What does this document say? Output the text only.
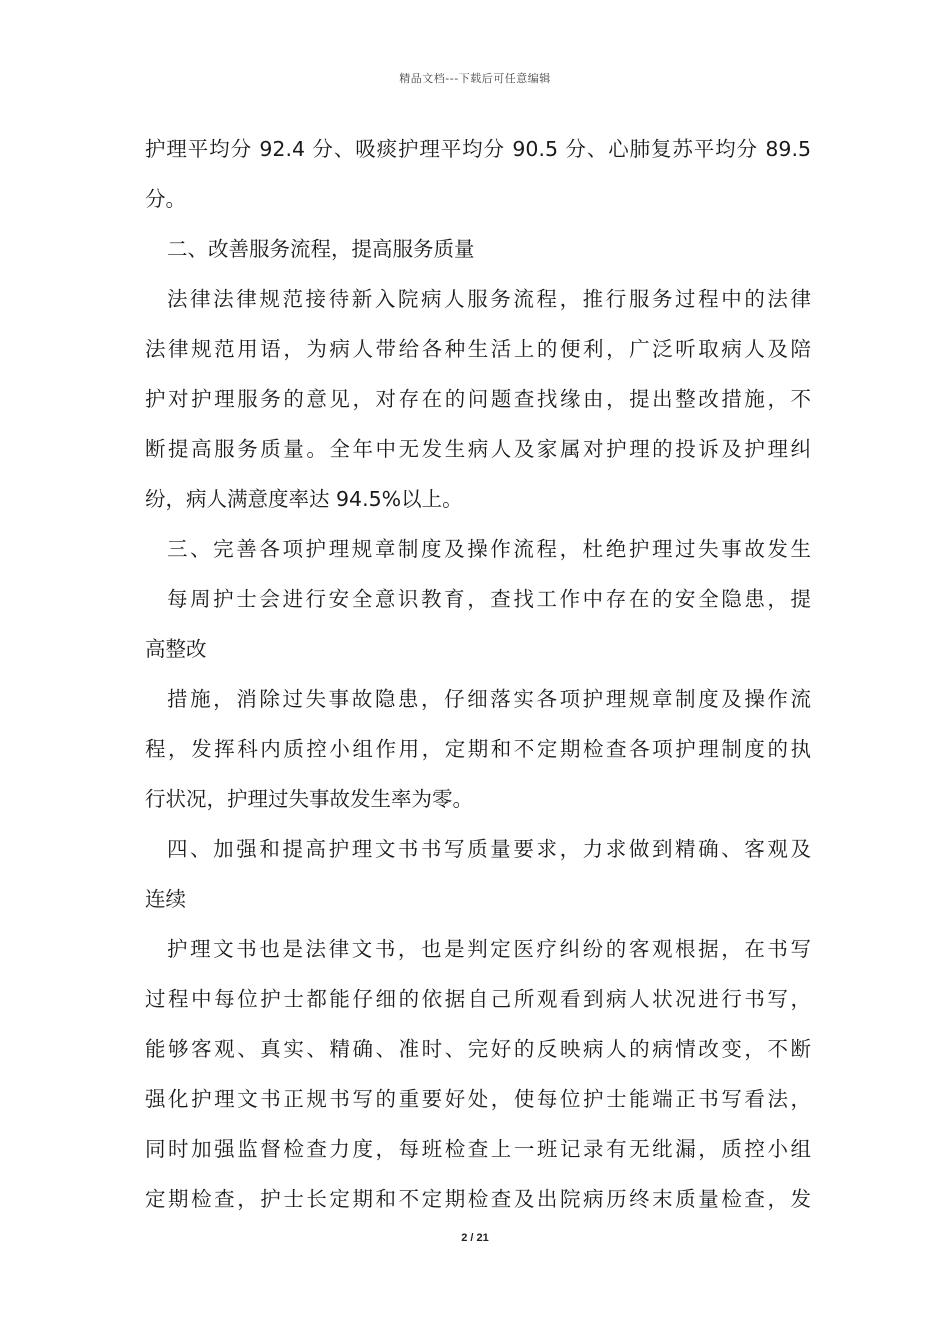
精品文档---下载后可任意编辑
护理平均分 92.4 分、吸痰护理平均分 90.5 分、心肺复苏平均分 89.5
分。
二、改善服务流程，提高服务质量
法律法律规范接待新入院病人服务流程，推行服务过程中的法律
法律规范用语，为病人带给各种生活上的便利，广泛听取病人及陪
护对护理服务的意见，对存在的问题查找缘由，提出整改措施，不
断提高服务质量。全年中无发生病人及家属对护理的投诉及护理纠
纷，病人满意度率达 94.5%以上。
三、完善各项护理规章制度及操作流程，杜绝护理过失事故发生
每周护士会进行安全意识教育，查找工作中存在的安全隐患，提
高整改
措施，消除过失事故隐患，仔细落实各项护理规章制度及操作流
程，发挥科内质控小组作用，定期和不定期检查各项护理制度的执
行状况，护理过失事故发生率为零。
四、加强和提高护理文书书写质量要求，力求做到精确、客观及
连续
护理文书也是法律文书，也是判定医疗纠纷的客观根据，在书写
过程中每位护士都能仔细的依据自己所观看到病人状况进行书写，
能够客观、真实、精确、准时、完好的反映病人的病情改变，不断
强化护理文书正规书写的重要好处，使每位护士能端正书写看法，
同时加强监督检查力度，每班检查上一班记录有无纰漏，质控小组
定期检查，护士长定期和不定期检查及出院病历终末质量检查，发
2 / 21
